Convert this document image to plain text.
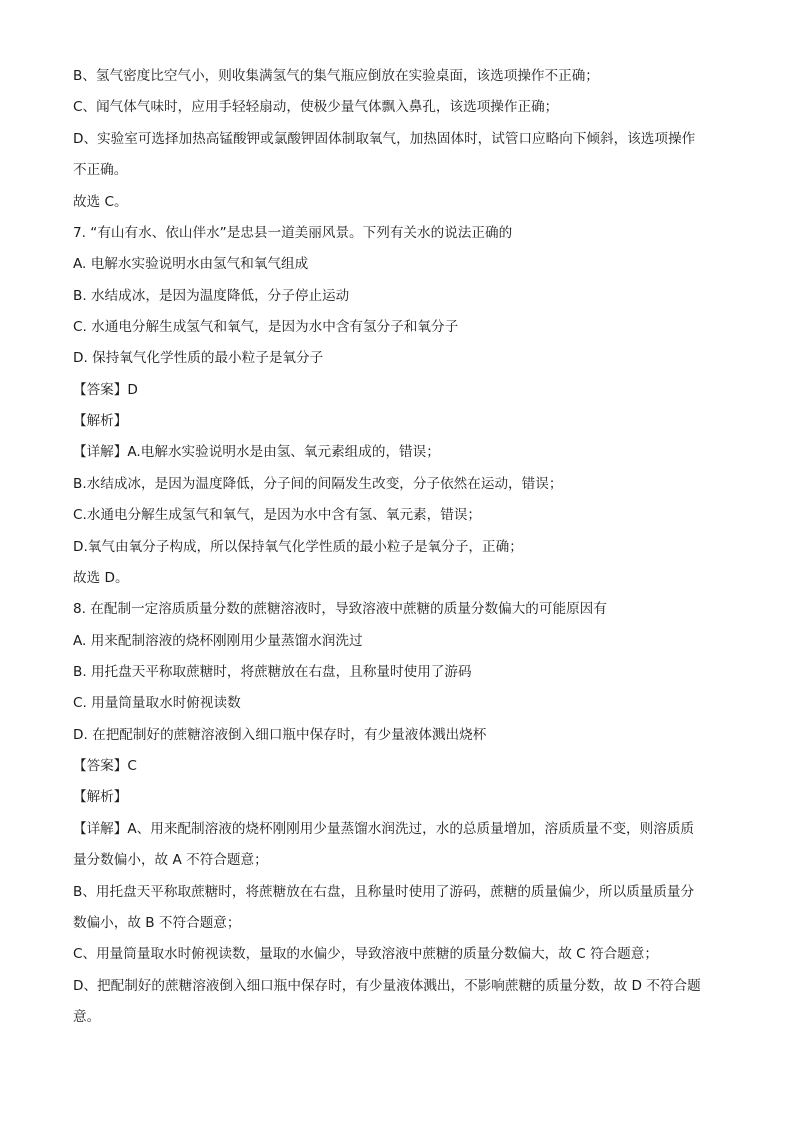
B、氢气密度比空气小，则收集满氢气的集气瓶应倒放在实验桌面，该选项操作不正确；
C、闻气体气味时，应用手轻轻扇动，使极少量气体飘入鼻孔，该选项操作正确；
D、实验室可选择加热高锰酸钾或氯酸钾固体制取氧气，加热固体时，试管口应略向下倾斜，该选项操作
不正确。
故选 C。
7. “有山有水、依山伴水”是忠县一道美丽风景。下列有关水的说法正确的
A. 电解水实验说明水由氢气和氧气组成
B. 水结成冰，是因为温度降低，分子停止运动
C. 水通电分解生成氢气和氧气，是因为水中含有氢分子和氧分子
D. 保持氧气化学性质的最小粒子是氧分子
【答案】D
【解析】
【详解】A.电解水实验说明水是由氢、氧元素组成的，错误；
B.水结成冰，是因为温度降低，分子间的间隔发生改变，分子依然在运动，错误；
C.水通电分解生成氢气和氧气，是因为水中含有氢、氧元素，错误；
D.氧气由氧分子构成，所以保持氧气化学性质的最小粒子是氧分子，正确；
故选 D。
8. 在配制一定溶质质量分数的蔗糖溶液时，导致溶液中蔗糖的质量分数偏大的可能原因有
A. 用来配制溶液的烧杯刚刚用少量蒸馏水润洗过
B. 用托盘天平称取蔗糖时，将蔗糖放在右盘，且称量时使用了游码
C. 用量筒量取水时俯视读数
D. 在把配制好的蔗糖溶液倒入细口瓶中保存时，有少量液体溅出烧杯
【答案】C
【解析】
【详解】A、用来配制溶液的烧杯刚刚用少量蒸馏水润洗过，水的总质量增加，溶质质量不变，则溶质质
量分数偏小，故 A 不符合题意；
B、用托盘天平称取蔗糖时，将蔗糖放在右盘，且称量时使用了游码，蔗糖的质量偏少，所以质量质量分
数偏小，故 B 不符合题意；
C、用量筒量取水时俯视读数，量取的水偏少，导致溶液中蔗糖的质量分数偏大，故 C 符合题意；
D、把配制好的蔗糖溶液倒入细口瓶中保存时，有少量液体溅出，不影响蔗糖的质量分数，故 D 不符合题
意。
